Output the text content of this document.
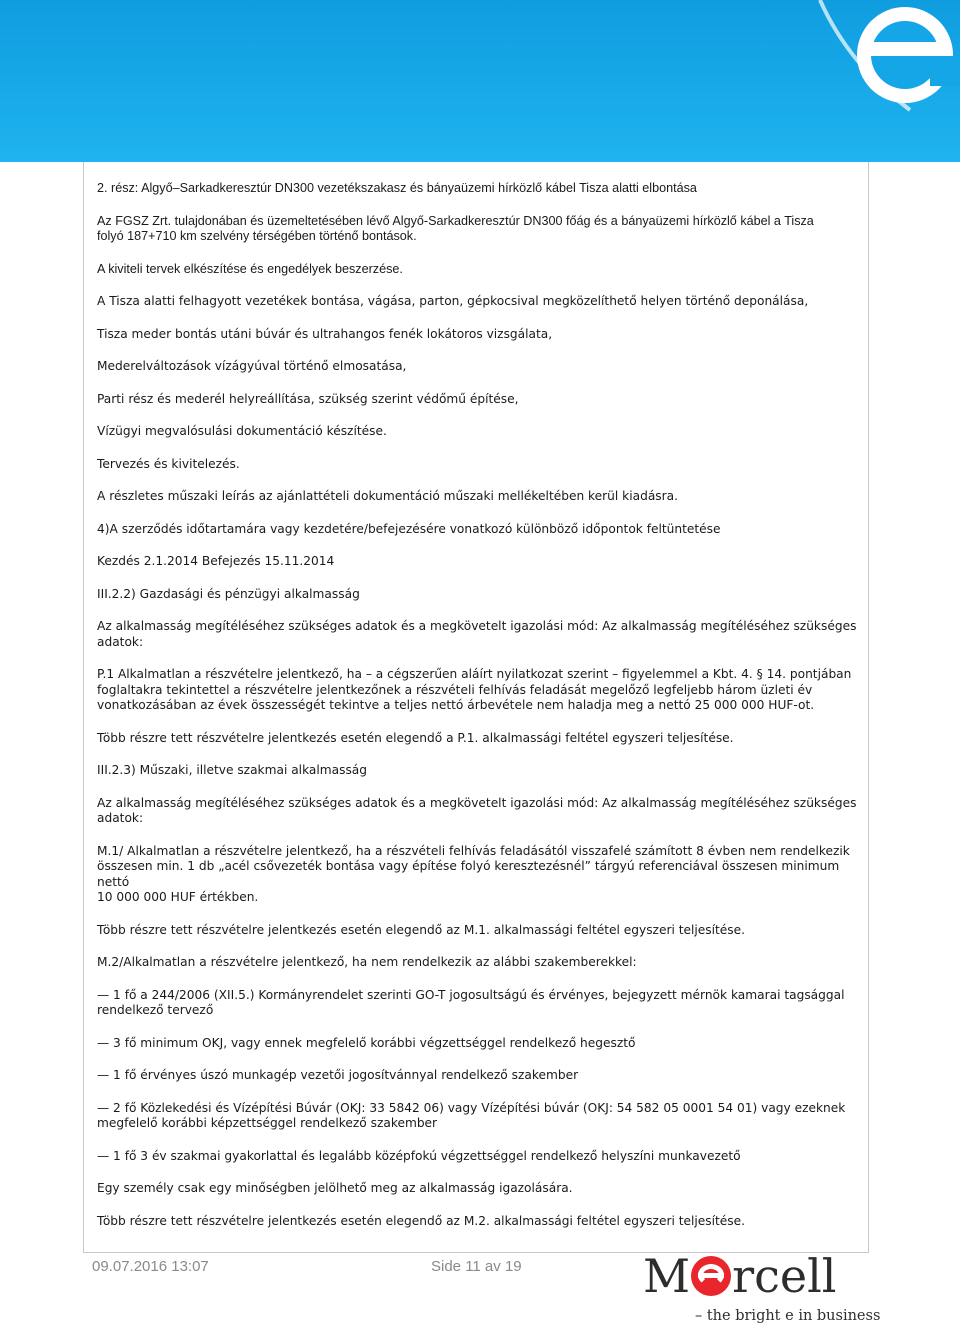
2. rész: Algyő–Sarkadkeresztúr DN300 vezetékszakasz és bányaüzemi hírközlő kábel Tisza alatti elbontása

Az FGSZ Zrt. tulajdonában és üzemeltetésében lévő Algyő-Sarkadkeresztúr DN300 főág és a bányaüzemi hírközlő kábel a Tisza
folyó 187+710 km szelvény térségében történő bontások.

A kiviteli tervek elkészítése és engedélyek beszerzése.

A Tisza alatti felhagyott vezetékek bontása, vágása, parton, gépkocsival megközelíthető helyen történő deponálása,

Tisza meder bontás utáni búvár és ultrahangos fenék lokátoros vizsgálata,

Mederelváltozások vízágyúval történő elmosatása,

Parti rész és mederél helyreállítása, szükség szerint védőmű építése,

Vízügyi megvalósulási dokumentáció készítése.

Tervezés és kivitelezés.

A részletes műszaki leírás az ajánlattételi dokumentáció műszaki mellékeltében kerül kiadásra.

4)A szerződés időtartamára vagy kezdetére/befejezésére vonatkozó különböző időpontok feltüntetése

Kezdés 2.1.2014 Befejezés 15.11.2014

III.2.2) Gazdasági és pénzügyi alkalmasság

Az alkalmasság megítéléséhez szükséges adatok és a megkövetelt igazolási mód: Az alkalmasság megítéléséhez szükséges
adatok:

P.1 Alkalmatlan a részvételre jelentkező, ha – a cégszerűen aláírt nyilatkozat szerint – figyelemmel a Kbt. 4. § 14. pontjában
foglaltakra tekintettel a részvételre jelentkezőnek a részvételi felhívás feladását megelőző legfeljebb három üzleti év
vonatkozásában az évek összességét tekintve a teljes nettó árbevétele nem haladja meg a nettó 25 000 000 HUF-ot.

Több részre tett részvételre jelentkezés esetén elegendő a P.1. alkalmassági feltétel egyszeri teljesítése.

III.2.3) Műszaki, illetve szakmai alkalmasság

Az alkalmasság megítéléséhez szükséges adatok és a megkövetelt igazolási mód: Az alkalmasság megítéléséhez szükséges
adatok:

M.1/ Alkalmatlan a részvételre jelentkező, ha a részvételi felhívás feladásától visszafelé számított 8 évben nem rendelkezik
összesen min. 1 db „acél csővezeték bontása vagy építése folyó keresztezésnél” tárgyú referenciával összesen minimum nettó
10 000 000 HUF értékben.

Több részre tett részvételre jelentkezés esetén elegendő az M.1. alkalmassági feltétel egyszeri teljesítése.

M.2/Alkalmatlan a részvételre jelentkező, ha nem rendelkezik az alábbi szakemberekkel:

— 1 fő a 244/2006 (XII.5.) Kormányrendelet szerinti GO-T jogosultságú és érvényes, bejegyzett mérnök kamarai tagsággal
rendelkező tervező

— 3 fő minimum OKJ, vagy ennek megfelelő korábbi végzettséggel rendelkező hegesztő

— 1 fő érvényes úszó munkagép vezetői jogosítvánnyal rendelkező szakember

— 2 fő Közlekedési és Vízépítési Búvár (OKJ: 33 5842 06) vagy Vízépítési búvár (OKJ: 54 582 05 0001 54 01) vagy ezeknek
megfelelő korábbi képzettséggel rendelkező szakember

— 1 fő 3 év szakmai gyakorlattal és legalább középfokú végzettséggel rendelkező helyszíni munkavezető

Egy személy csak egy minőségben jelölhető meg az alkalmasság igazolására.

Több részre tett részvételre jelentkezés esetén elegendő az M.2. alkalmassági feltétel egyszeri teljesítése.

09.07.2016 13:07	Side 11 av 19	M rcell
– the bright e in business
